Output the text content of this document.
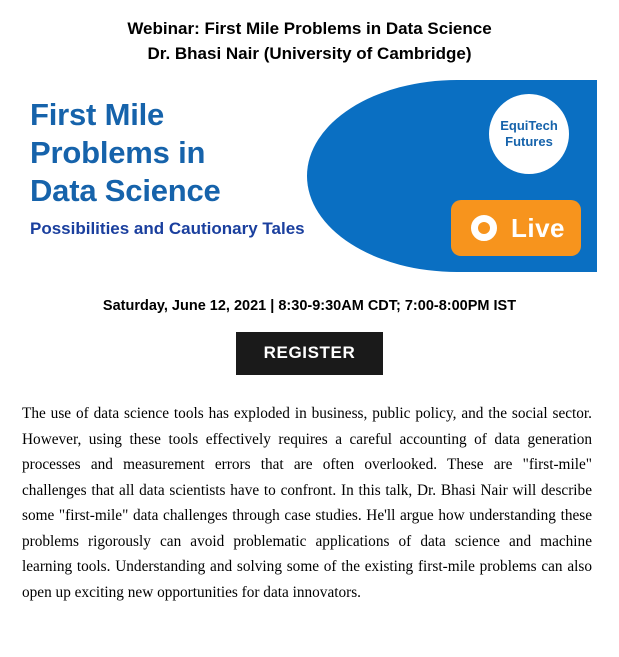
Webinar: First Mile Problems in Data Science
Dr. Bhasi Nair (University of Cambridge)
First Mile
Problems in
Data Science
Possibilities and Cautionary Tales
EquiTech
Futures
Live
Saturday, June 12, 2021 | 8:30-9:30AM CDT; 7:00-8:00PM IST
REGISTER
The use of data science tools has exploded in business, public policy, and the social sector. However, using these tools effectively requires a careful accounting of data generation processes and measurement errors that are often overlooked. These are "first-mile" challenges that all data scientists have to confront. In this talk, Dr. Bhasi Nair will describe some "first-mile" data challenges through case studies. He'll argue how understanding these problems rigorously can avoid problematic applications of data science and machine learning tools. Understanding and solving some of the existing first-mile problems can also open up exciting new opportunities for data innovators.
